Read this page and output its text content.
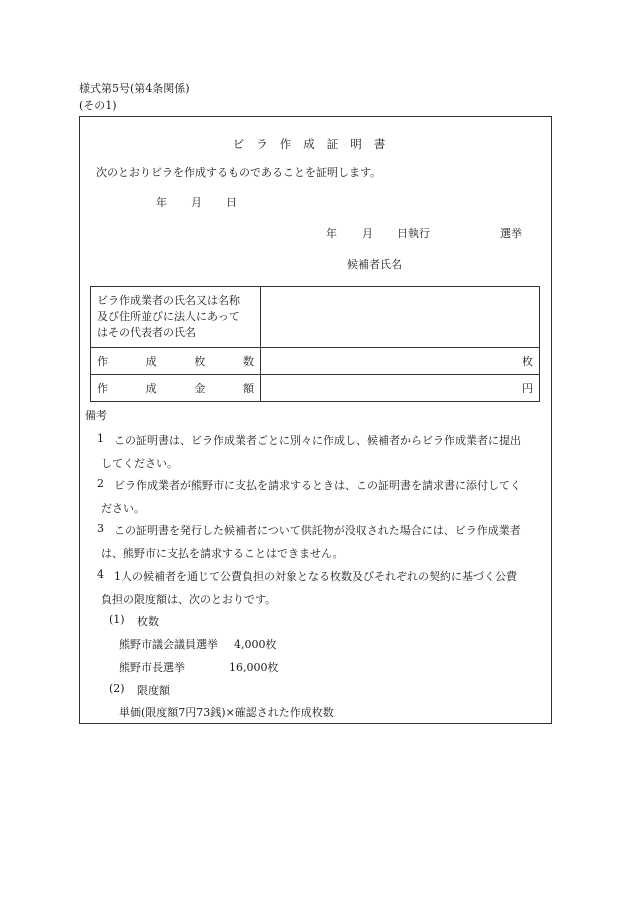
様式第5号(第4条関係)
(その1)
ビラ作成証明書
次のとおりビラを作成するものであることを証明します。
年 月 日
年 月 日執行	選挙
候補者氏名
ビラ作成業者の氏名又は名称
及び住所並びに法人にあって
はその代表者の氏名	

作 成 枚 数	枚

作 成 金 額	円
備考
1 この証明書は、ビラ作成業者ごとに別々に作成し、候補者からビラ作成業者に提出
してください。
2 ビラ作成業者が熊野市に支払を請求するときは、この証明書を請求書に添付してく
ださい。
3 この証明書を発行した候補者について供託物が没収された場合には、ビラ作成業者
は、熊野市に支払を請求することはできません。
4 1人の候補者を通じて公費負担の対象となる枚数及びそれぞれの契約に基づく公費
負担の限度額は、次のとおりです。
(1) 枚数
熊野市議会議員選挙 4,000枚
熊野市長選挙	16,000枚
(2) 限度額
単価(限度額7円73銭)×確認された作成枚数
